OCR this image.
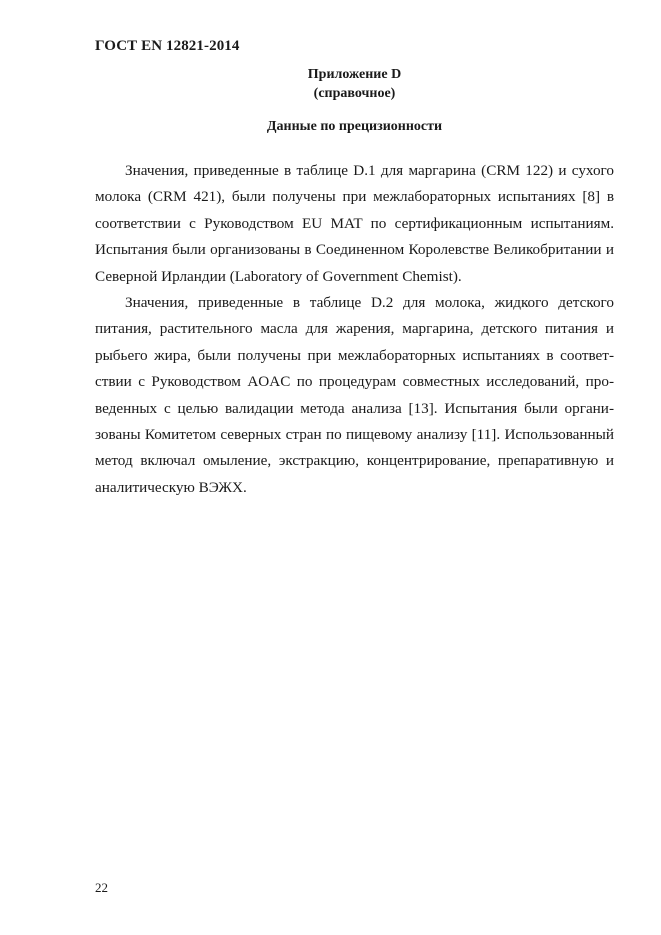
ГОСТ EN 12821-2014
Приложение D
(справочное)
Данные по прецизионности

Значения, приведенные в таблице D.1 для маргарина (CRM 122) и сухого молока (CRM 421), были получены при межлабораторных испытаниях [8] в соответствии с Руководством EU MAT по сертификационным испытаниям. Испытания были организованы в Соединенном Королевстве Великобритании и Северной Ирландии (Laboratory of Government Chemist).

Значения, приведенные в таблице D.2 для молока, жидкого детского питания, растительного масла для жарения, маргарина, детского питания и рыбьего жира, были получены при межлабораторных испытаниях в соответствии с Руководством AOAC по процедурам совместных исследований, проведенных с целью валидации метода анализа [13]. Испытания были организованы Комитетом северных стран по пищевому анализу [11]. Использованный метод включал омыление, экстракцию, концентрирование, препаративную и аналитическую ВЭЖХ.

22
